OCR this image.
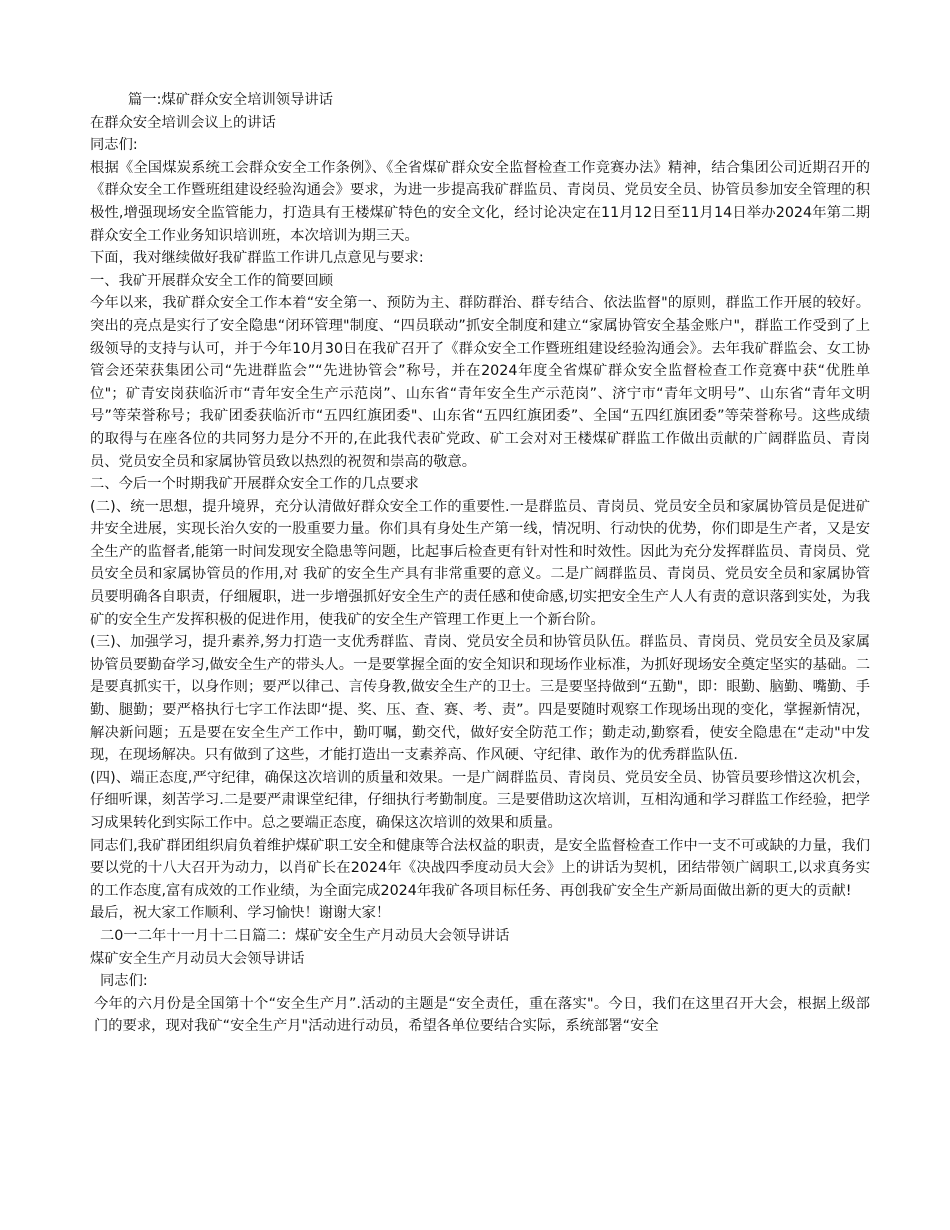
篇一:煤矿群众安全培训领导讲话
在群众安全培训会议上的讲话
同志们:

根据《全国煤炭系统工会群众安全工作条例》、《全省煤矿群众安全监督检查工作竞赛办法》精神，结合集团公司近期召开的《群众安全工作暨班组建设经验沟通会》要求，为进一步提高我矿群监员、青岗员、党员安全员、协管员参加安全管理的积极性,增强现场安全监管能力，打造具有王楼煤矿特色的安全文化，经讨论决定在11月12日至11月14日举办2024年第二期群众安全工作业务知识培训班，本次培训为期三天。

下面，我对继续做好我矿群监工作讲几点意见与要求:
一、我矿开展群众安全工作的简要回顾

今年以来，我矿群众安全工作本着“安全第一、预防为主、群防群治、群专结合、依法监督"的原则，群监工作开展的较好。突出的亮点是实行了安全隐患“闭环管理"制度、“四员联动”抓安全制度和建立“家属协管安全基金账户"，群监工作受到了上级领导的支持与认可，并于今年10月30日在我矿召开了《群众安全工作暨班组建设经验沟通会》。去年我矿群监会、女工协管会还荣获集团公司“先进群监会”“先进协管会”称号，并在2024年度全省煤矿群众安全监督检查工作竞赛中获“优胜单位"；矿青安岗获临沂市“青年安全生产示范岗”、山东省“青年安全生产示范岗”、济宁市“青年文明号”、山东省“青年文明号”等荣誉称号；我矿团委获临沂市“五四红旗团委"、山东省“五四红旗团委”、全国“五四红旗团委”等荣誉称号。这些成绩的取得与在座各位的共同努力是分不开的,在此我代表矿党政、矿工会对对王楼煤矿群监工作做出贡献的广阔群监员、青岗员、党员安全员和家属协管员致以热烈的祝贺和崇高的敬意。

二、今后一个时期我矿开展群众安全工作的几点要求

(二)、统一思想，提升境界，充分认清做好群众安全工作的重要性.一是群监员、青岗员、党员安全员和家属协管员是促进矿井安全进展，实现长治久安的一股重要力量。你们具有身处生产第一线，情况明、行动快的优势，你们即是生产者，又是安全生产的监督者,能第一时间发现安全隐患等问题，比起事后检查更有针对性和时效性。因此为充分发挥群监员、青岗员、党员安全员和家属协管员的作用,对 我矿的安全生产具有非常重要的意义。二是广阔群监员、青岗员、党员安全员和家属协管员要明确各自职责，仔细履职，进一步增强抓好安全生产的责任感和使命感,切实把安全生产人人有责的意识落到实处，为我矿的安全生产发挥积极的促进作用，使我矿的安全生产管理工作更上一个新台阶。

(三)、加强学习，提升素养,努力打造一支优秀群监、青岗、党员安全员和协管员队伍。群监员、青岗员、党员安全员及家属协管员要勤奋学习,做安全生产的带头人。一是要掌握全面的安全知识和现场作业标准，为抓好现场安全奠定坚实的基础。二是要真抓实干，以身作则；要严以律己、言传身教,做安全生产的卫士。三是要坚持做到“五勤"，即：眼勤、脑勤、嘴勤、手勤、腿勤；要严格执行七字工作法即“提、奖、压、查、赛、考、责”。四是要随时观察工作现场出现的变化，掌握新情况，解决新问题；五是要在安全生产工作中，勤叮嘱，勤交代，做好安全防范工作；勤走动,勤察看，使安全隐患在“走动"中发现，在现场解决。只有做到了这些，才能打造出一支素养高、作风硬、守纪律、敢作为的优秀群监队伍.

(四)、端正态度,严守纪律，确保这次培训的质量和效果。一是广阔群监员、青岗员、党员安全员、协管员要珍惜这次机会，仔细听课，刻苦学习.二是要严肃课堂纪律，仔细执行考勤制度。三是要借助这次培训，互相沟通和学习群监工作经验，把学习成果转化到实际工作中。总之要端正态度，确保这次培训的效果和质量。

同志们,我矿群团组织肩负着维护煤矿职工安全和健康等合法权益的职责，是安全监督检查工作中一支不可或缺的力量，我们要以党的十八大召开为动力，以肖矿长在2024年《决战四季度动员大会》上的讲话为契机，团结带领广阔职工,以求真务实的工作态度,富有成效的工作业绩，为全面完成2024年我矿各项目标任务、再创我矿安全生产新局面做出新的更大的贡献!

最后，祝大家工作顺利、学习愉快！谢谢大家！
二0一二年十一月十二日篇二：煤矿安全生产月动员大会领导讲话
煤矿安全生产月动员大会领导讲话
同志们:

今年的六月份是全国第十个“安全生产月”.活动的主题是“安全责任，重在落实"。今日，我们在这里召开大会，根据上级部门的要求，现对我矿“安全生产月"活动进行动员，希望各单位要结合实际，系统部署“安全
